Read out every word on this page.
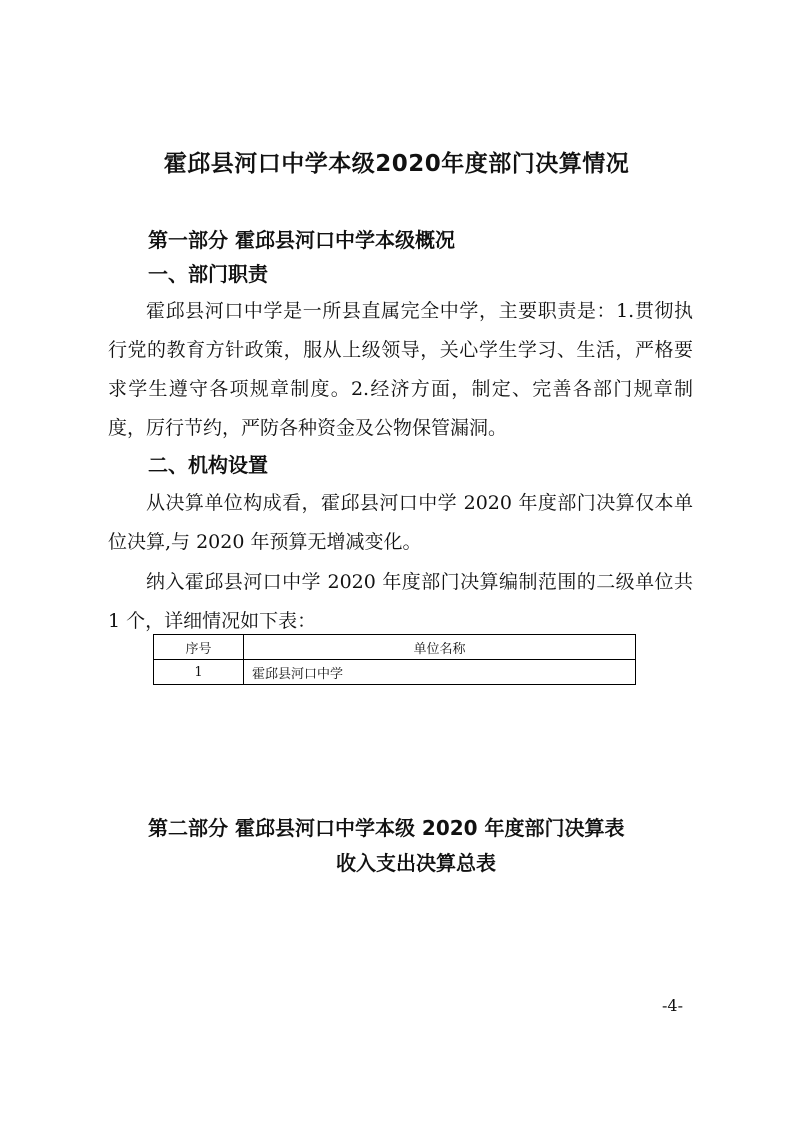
霍邱县河口中学本级2020年度部门决算情况
第一部分 霍邱县河口中学本级概况
一、部门职责

霍邱县河口中学是一所县直属完全中学，主要职责是：1.贯彻执行党的教育方针政策，服从上级领导，关心学生学习、生活，严格要求学生遵守各项规章制度。2.经济方面，制定、完善各部门规章制度，厉行节约，严防各种资金及公物保管漏洞。

二、机构设置

从决算单位构成看，霍邱县河口中学 2020 年度部门决算仅本单位决算,与 2020 年预算无增减变化。

纳入霍邱县河口中学 2020 年度部门决算编制范围的二级单位共 1 个，详细情况如下表：

序号	单位名称
1	霍邱县河口中学
第二部分 霍邱县河口中学本级 2020 年度部门决算表
收入支出决算总表
-4-
